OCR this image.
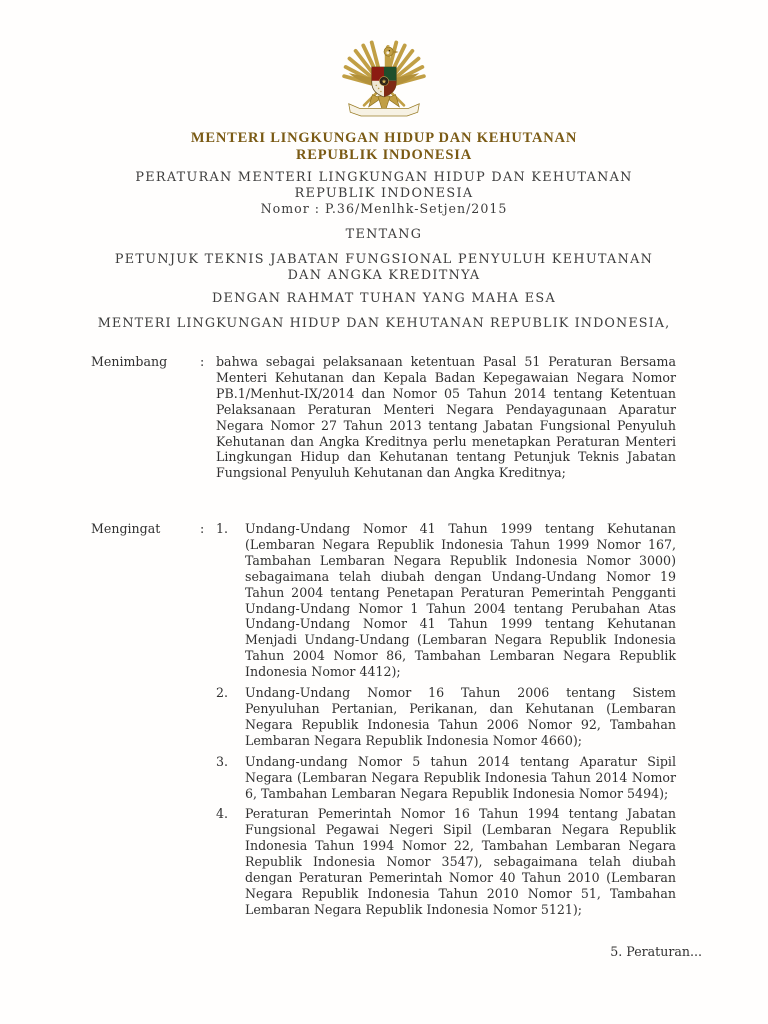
★
MENTERI LINGKUNGAN HIDUP DAN KEHUTANAN
REPUBLIK INDONESIA
PERATURAN MENTERI LINGKUNGAN HIDUP DAN KEHUTANAN
REPUBLIK INDONESIA
Nomor : P.36/Menlhk-Setjen/2015
TENTANG
PETUNJUK TEKNIS JABATAN FUNGSIONAL PENYULUH KEHUTANAN
DAN ANGKA KREDITNYA
DENGAN RAHMAT TUHAN YANG MAHA ESA
MENTERI LINGKUNGAN HIDUP DAN KEHUTANAN REPUBLIK INDONESIA,
Menimbang	: bahwa sebagai pelaksanaan ketentuan Pasal 51 Peraturan Bersama Menteri Kehutanan dan Kepala Badan Kepegawaian Negara Nomor PB.1/Menhut-IX/2014 dan Nomor 05 Tahun 2014 tentang Ketentuan Pelaksanaan Peraturan Menteri Negara Pendayagunaan Aparatur Negara Nomor 27 Tahun 2013 tentang Jabatan Fungsional Penyuluh Kehutanan dan Angka Kreditnya perlu menetapkan Peraturan Menteri Lingkungan Hidup dan Kehutanan tentang Petunjuk Teknis Jabatan Fungsional Penyuluh Kehutanan dan Angka Kreditnya;
Mengingat	: 1.	Undang-Undang Nomor 41 Tahun 1999 tentang Kehutanan (Lembaran Negara Republik Indonesia Tahun 1999 Nomor 167, Tambahan Lembaran Negara Republik Indonesia Nomor 3000) sebagaimana telah diubah dengan Undang-Undang Nomor 19 Tahun 2004 tentang Penetapan Peraturan Pemerintah Pengganti Undang-Undang Nomor 1 Tahun 2004 tentang Perubahan Atas Undang-Undang Nomor 41 Tahun 1999 tentang Kehutanan Menjadi Undang-Undang (Lembaran Negara Republik Indonesia Tahun 2004 Nomor 86, Tambahan Lembaran Negara Republik Indonesia Nomor 4412);
2.	Undang-Undang Nomor 16 Tahun 2006 tentang Sistem Penyuluhan Pertanian, Perikanan, dan Kehutanan (Lembaran Negara Republik Indonesia Tahun 2006 Nomor 92, Tambahan Lembaran Negara Republik Indonesia Nomor 4660);
3.	Undang-undang Nomor 5 tahun 2014 tentang Aparatur Sipil Negara (Lembaran Negara Republik Indonesia Tahun 2014 Nomor 6, Tambahan Lembaran Negara Republik Indonesia Nomor 5494);
4.	Peraturan Pemerintah Nomor 16 Tahun 1994 tentang Jabatan Fungsional Pegawai Negeri Sipil (Lembaran Negara Republik Indonesia Tahun 1994 Nomor 22, Tambahan Lembaran Negara Republik Indonesia Nomor 3547), sebagaimana telah diubah dengan Peraturan Pemerintah Nomor 40 Tahun 2010 (Lembaran Negara Republik Indonesia Tahun 2010 Nomor 51, Tambahan Lembaran Negara Republik Indonesia Nomor 5121);
5. Peraturan...
